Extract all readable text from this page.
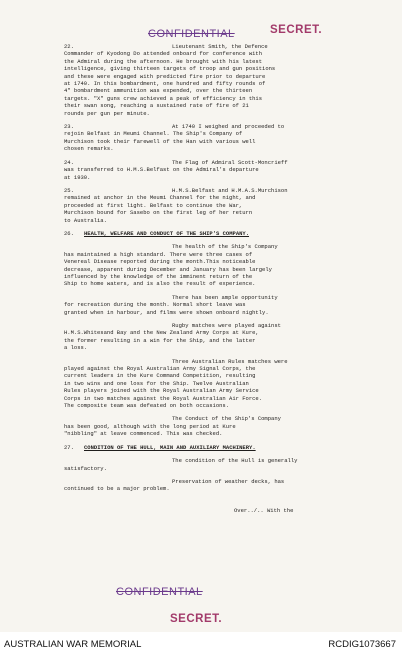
CONFIDENTIAL	SECRET.
22.	Lieutenant Smith, the Defence
Commander of Kyodong Do attended onboard for conference with
the Admiral during the afternoon. He brought with his latest
intelligence, giving thirteen targets of troop and gun positions
and these were engaged with predicted fire prior to departure
at 1740. In this bombardment, one hundred and fifty rounds of
4" bombardment ammunition was expended, over the thirteen
targets. "X" guns crew achieved a peak of efficiency in this
their swan song, reaching a sustained rate of fire of 21
rounds per gun per minute.
23.	At 1740 I weighed and proceeded to
rejoin Belfast in Meumi Channel. The Ship's Company of
Murchison took their farewell of the Han with various well
chosen remarks.
24.	The Flag of Admiral Scott-Moncrieff
was transferred to H.M.S.Belfast on the Admiral's departure
at 1930.
25.	H.M.S.Belfast and H.M.A.S.Murchison
remained at anchor in the Meumi Channel for the night, and
proceeded at first light. Belfast to continue the War,
Murchison bound for Sasebo on the first leg of her return
to Australia.
26. HEALTH, WELFARE AND CONDUCT OF THE SHIP'S COMPANY.
The health of the Ship's Company
has maintained a high standard. There were three cases of
Venereal Disease reported during the month.This noticeable
decrease, apparent during December and January has been largely
influenced by the knowledge of the imminent return of the
Ship to home waters, and is also the result of experience.
There has been ample opportunity
for recreation during the month. Normal short leave was
granted when in harbour, and films were shown onboard nightly.
Rugby matches were played against
H.M.S.Whitesand Bay and the New Zealand Army Corps at Kure,
the former resulting in a win for the Ship, and the latter
a loss.
Three Australian Rules matches were
played against the Royal Australian Army Signal Corps, the
current leaders in the Kure Command Competition, resulting
in two wins and one loss for the Ship. Twelve Australian
Rules players joined with the Royal Australian Army Service
Corps in two matches against the Royal Australian Air Force.
The composite team was defeated on both occasions.
The Conduct of the Ship's Company
has been good, although with the long period at Kure
"nibbling" at leave commenced. This was checked.
27. CONDITION OF THE HULL, MAIN AND AUXILIARY MACHINERY.
The condition of the Hull is generally
satisfactory.
Preservation of weather decks, has
continued to be a major problem.
Over../.. With the
CONFIDENTIAL
SECRET.
AUSTRALIAN WAR MEMORIAL	RCDIG1073667
